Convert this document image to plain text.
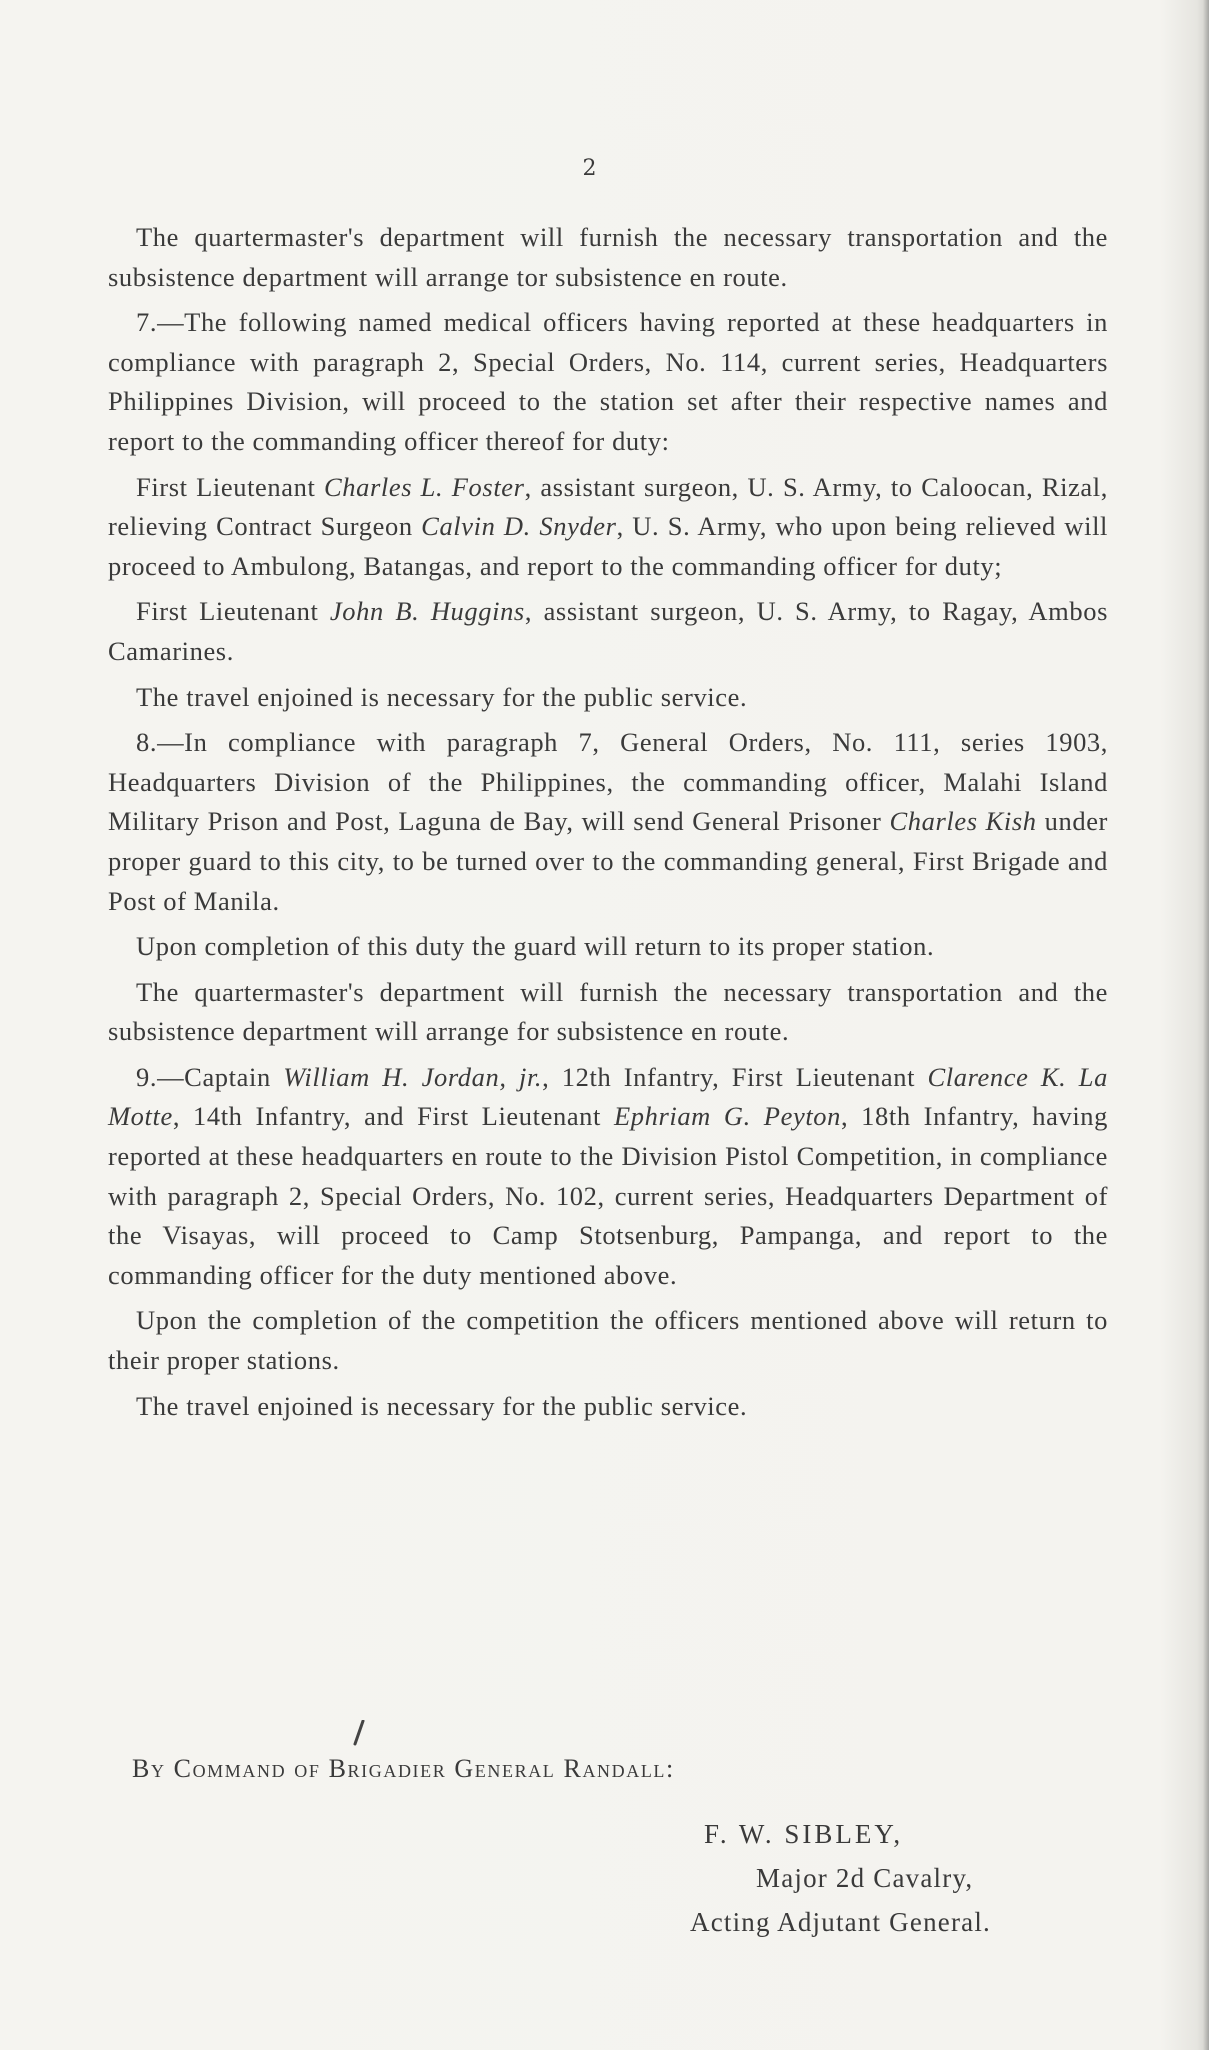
2

The quartermaster's department will furnish the necessary transportation and the subsistence department will arrange tor subsistence en route.

7.—The following named medical officers having reported at these headquarters in compliance with paragraph 2, Special Orders, No. 114, current series, Headquarters Philippines Division, will proceed to the station set after their respective names and report to the commanding officer thereof for duty:

First Lieutenant Charles L. Foster, assistant surgeon, U. S. Army, to Caloocan, Rizal, relieving Contract Surgeon Calvin D. Snyder, U. S. Army, who upon being relieved will proceed to Ambulong, Batangas, and report to the commanding officer for duty;

First Lieutenant John B. Huggins, assistant surgeon, U. S. Army, to Ragay, Ambos Camarines.

The travel enjoined is necessary for the public service.

8.—In compliance with paragraph 7, General Orders, No. 111, series 1903, Headquarters Division of the Philippines, the commanding officer, Malahi Island Military Prison and Post, Laguna de Bay, will send General Prisoner Charles Kish under proper guard to this city, to be turned over to the commanding general, First Brigade and Post of Manila.

Upon completion of this duty the guard will return to its proper station.

The quartermaster's department will furnish the necessary transportation and the subsistence department will arrange for subsistence en route.

9.—Captain William H. Jordan, jr., 12th Infantry, First Lieutenant Clarence K. La Motte, 14th Infantry, and First Lieutenant Ephriam G. Peyton, 18th Infantry, having reported at these headquarters en route to the Division Pistol Competition, in compliance with paragraph 2, Special Orders, No. 102, current series, Headquarters Department of the Visayas, will proceed to Camp Stotsenburg, Pampanga, and report to the commanding officer for the duty mentioned above.

Upon the completion of the competition the officers mentioned above will return to their proper stations.

The travel enjoined is necessary for the public service.

By Command of Brigadier General Randall:
F. W. SIBLEY,
Major 2d Cavalry,
Acting Adjutant General.
